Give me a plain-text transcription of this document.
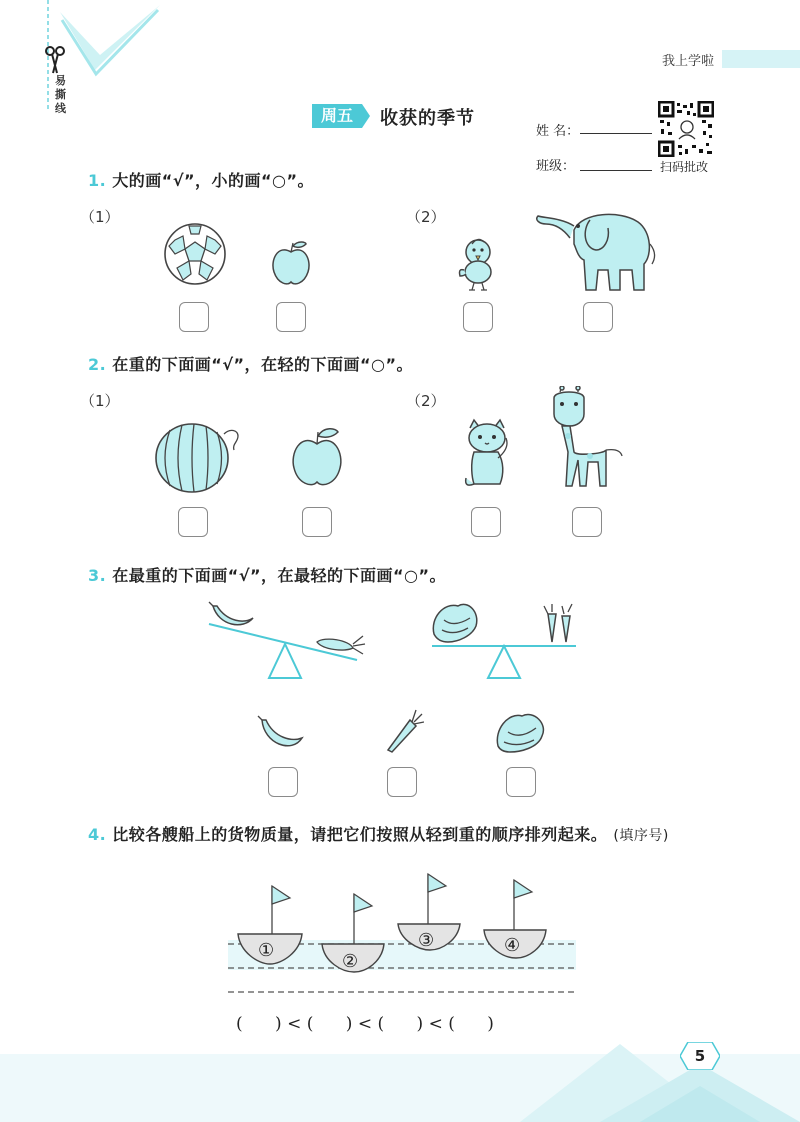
易撕线
我上学啦
周五	收获的季节
姓 名：
班级：	扫码批改
1. 大的画“√”，小的画“○”。
（1）	（2）
2. 在重的下面画“√”，在轻的下面画“○”。
（1）	（2）
3. 在最重的下面画“√”，在最轻的下面画“○”。
4. 比较各艘船上的货物质量，请把它们按照从轻到重的顺序排列起来。 (填序号)
①
②
③	④
(      ) < (      ) < (      ) < (      )
5
